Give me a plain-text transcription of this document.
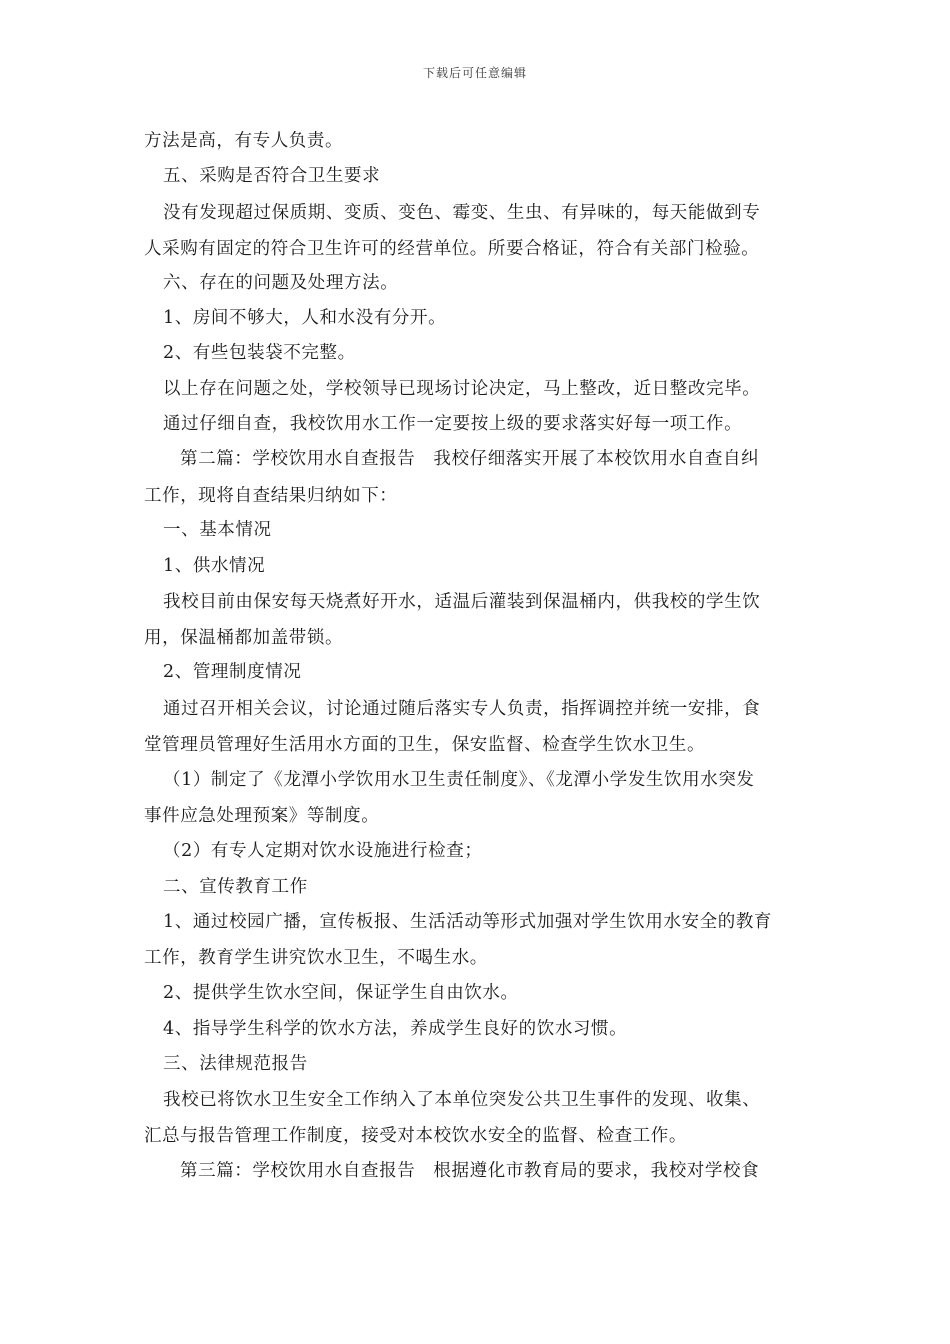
下载后可任意编辑
方法是高，有专人负责。
五、采购是否符合卫生要求
没有发现超过保质期、变质、变色、霉变、生虫、有异味的，每天能做到专
人采购有固定的符合卫生许可的经营单位。所要合格证，符合有关部门检验。
六、存在的问题及处理方法。
1、房间不够大，人和水没有分开。
2、有些包装袋不完整。
以上存在问题之处，学校领导已现场讨论决定，马上整改，近日整改完毕。
通过仔细自查，我校饮用水工作一定要按上级的要求落实好每一项工作。
第二篇：学校饮用水自查报告　我校仔细落实开展了本校饮用水自查自纠
工作，现将自查结果归纳如下：
一、基本情况
1、供水情况
我校目前由保安每天烧煮好开水，适温后灌装到保温桶内，供我校的学生饮
用，保温桶都加盖带锁。
2、管理制度情况
通过召开相关会议，讨论通过随后落实专人负责，指挥调控并统一安排，食
堂管理员管理好生活用水方面的卫生，保安监督、检查学生饮水卫生。
（1）制定了《龙潭小学饮用水卫生责任制度》、《龙潭小学发生饮用水突发
事件应急处理预案》等制度。
（2）有专人定期对饮水设施进行检查；
二、宣传教育工作
1、通过校园广播，宣传板报、生活活动等形式加强对学生饮用水安全的教育
工作，教育学生讲究饮水卫生，不喝生水。
2、提供学生饮水空间，保证学生自由饮水。
4、指导学生科学的饮水方法，养成学生良好的饮水习惯。
三、法律规范报告
我校已将饮水卫生安全工作纳入了本单位突发公共卫生事件的发现、收集、
汇总与报告管理工作制度，接受对本校饮水安全的监督、检查工作。
第三篇：学校饮用水自查报告　根据遵化市教育局的要求，我校对学校食
